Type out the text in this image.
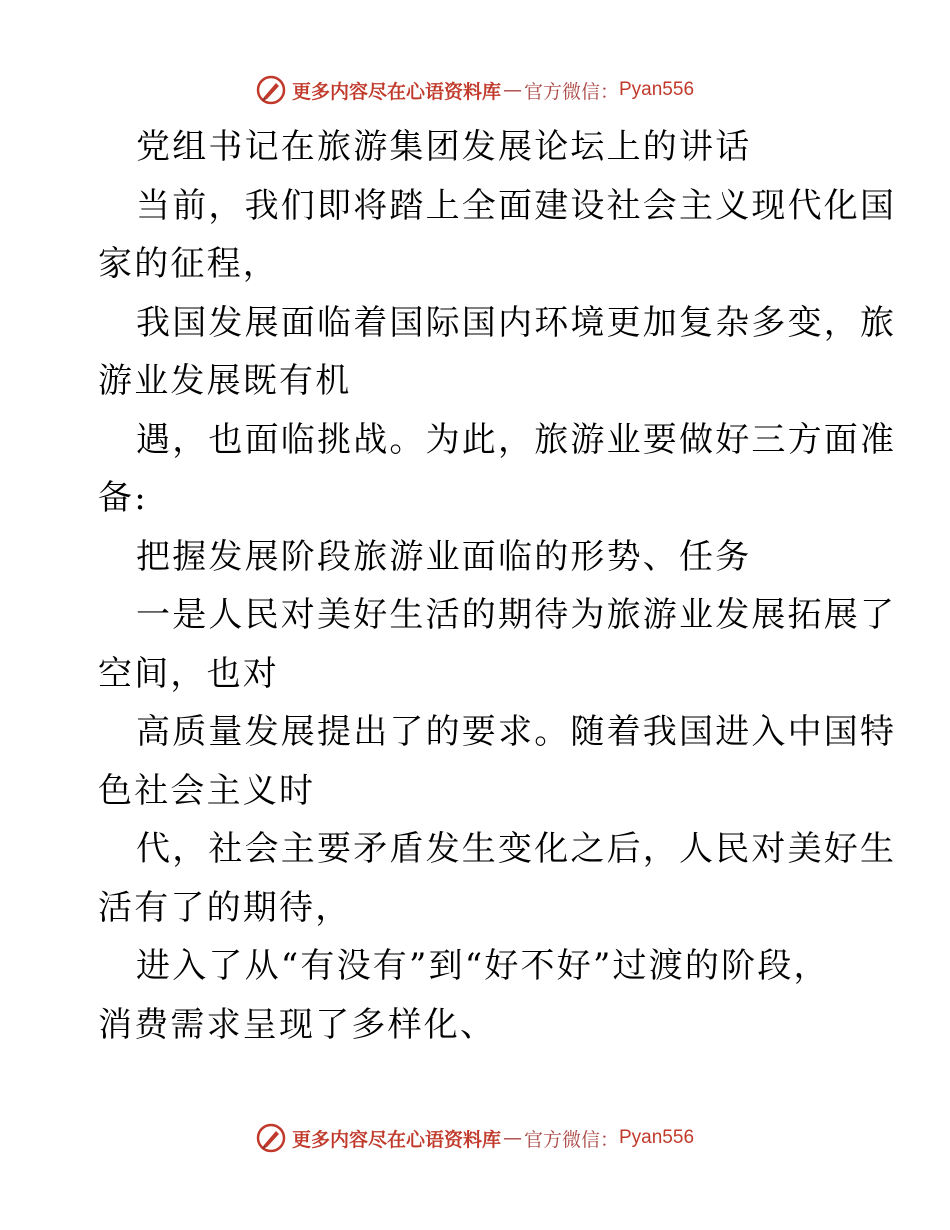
更多内容尽在心语资料库 — 官方微信： Pyan556
党组书记在旅游集团发展论坛上的讲话
当前，我们即将踏上全面建设社会主义现代化国
家的征程，
我国发展面临着国际国内环境更加复杂多变，旅
游业发展既有机
遇，也面临挑战。为此，旅游业要做好三方面准
备:
把握发展阶段旅游业面临的形势、任务
一是人民对美好生活的期待为旅游业发展拓展了
空间，也对
高质量发展提出了的要求。随着我国进入中国特
色社会主义时
代，社会主要矛盾发生变化之后，人民对美好生
活有了的期待，
进入了从“有没有”到“好不好”过渡的阶段，
消费需求呈现了多样化、
更多内容尽在心语资料库 — 官方微信： Pyan556
